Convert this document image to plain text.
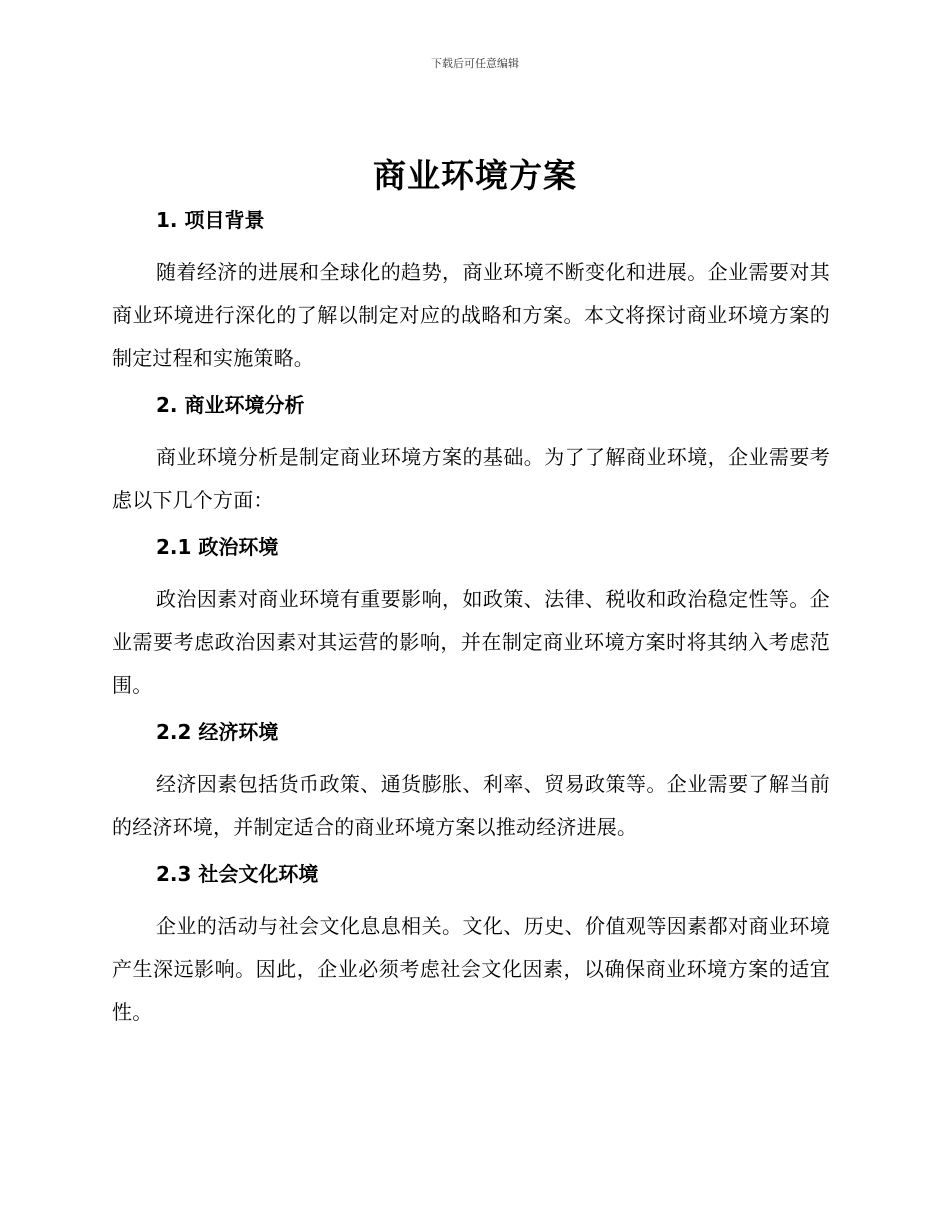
下载后可任意编辑
商业环境方案
1. 项目背景

随着经济的进展和全球化的趋势，商业环境不断变化和进展。企业需要对其商业环境进行深化的了解以制定对应的战略和方案。本文将探讨商业环境方案的制定过程和实施策略。

2. 商业环境分析

商业环境分析是制定商业环境方案的基础。为了了解商业环境，企业需要考虑以下几个方面：

2.1 政治环境

政治因素对商业环境有重要影响，如政策、法律、税收和政治稳定性等。企业需要考虑政治因素对其运营的影响，并在制定商业环境方案时将其纳入考虑范围。

2.2 经济环境

经济因素包括货币政策、通货膨胀、利率、贸易政策等。企业需要了解当前的经济环境，并制定适合的商业环境方案以推动经济进展。

2.3 社会文化环境

企业的活动与社会文化息息相关。文化、历史、价值观等因素都对商业环境产生深远影响。因此，企业必须考虑社会文化因素，以确保商业环境方案的适宜性。
